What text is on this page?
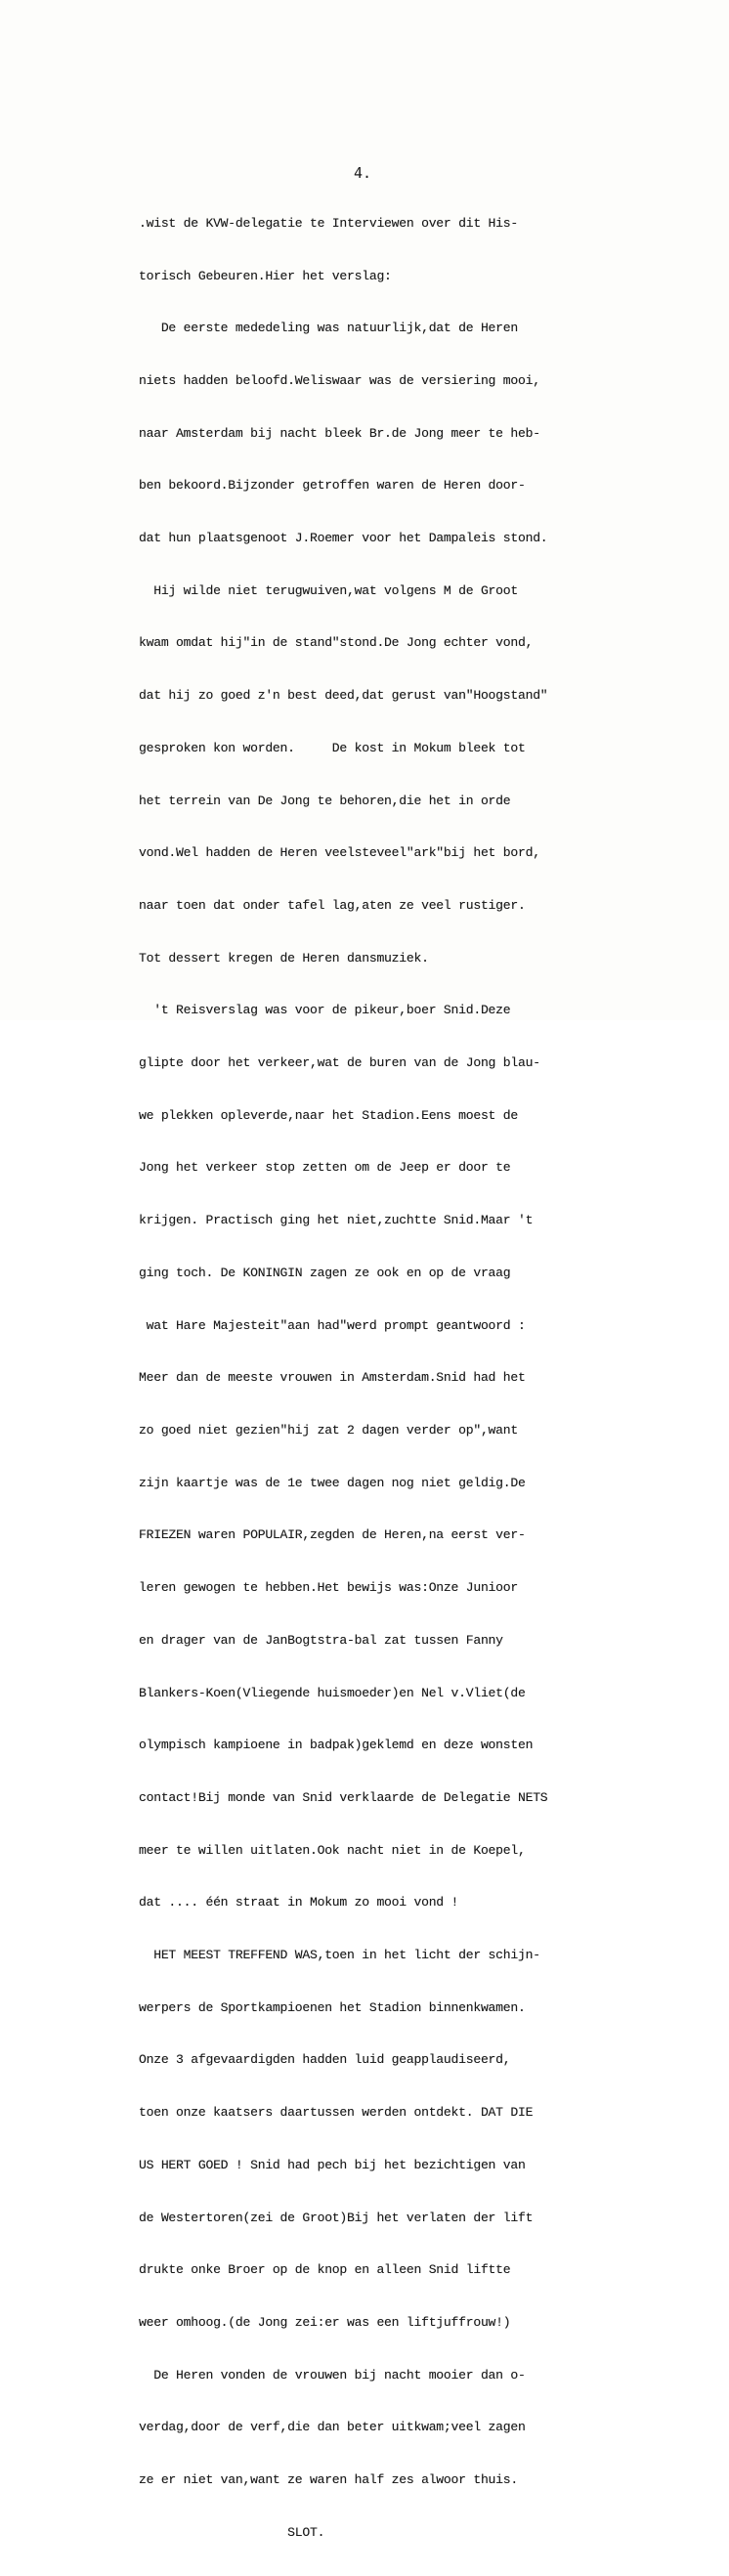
4.

.wist de KVW-delegatie te Interviewen over dit His-

torisch Gebeuren.Hier het verslag:

De eerste mededeling was natuurlijk,dat de Heren

niets hadden beloofd.Weliswaar was de versiering mooi,

naar Amsterdam bij nacht bleek Br.de Jong meer te heb-

ben bekoord.Bijzonder getroffen waren de Heren door-

dat hun plaatsgenoot J.Roemer voor het Dampaleis stond.

Hij wilde niet terugwuiven,wat volgens M de Groot

kwam omdat hij"in de stand"stond.De Jong echter vond,

dat hij zo goed z'n best deed,dat gerust van"Hoogstand"

gesproken kon worden.     De kost in Mokum bleek tot

het terrein van De Jong te behoren,die het in orde

vond.Wel hadden de Heren veelsteveel"ark"bij het bord,

naar toen dat onder tafel lag,aten ze veel rustiger.

Tot dessert kregen de Heren dansmuziek.

't Reisverslag was voor de pikeur,boer Snid.Deze

glipte door het verkeer,wat de buren van de Jong blau-

we plekken opleverde,naar het Stadion.Eens moest de

Jong het verkeer stop zetten om de Jeep er door te

krijgen. Practisch ging het niet,zuchtte Snid.Maar 't

ging toch. De KONINGIN zagen ze ook en op de vraag

wat Hare Majesteit"aan had"werd prompt geantwoord :

Meer dan de meeste vrouwen in Amsterdam.Snid had het

zo goed niet gezien"hij zat 2 dagen verder op",want

zijn kaartje was de 1e twee dagen nog niet geldig.De

FRIEZEN waren POPULAIR,zegden de Heren,na eerst ver-

leren gewogen te hebben.Het bewijs was:Onze Junioor

en drager van de JanBogtstra-bal zat tussen Fanny

Blankers-Koen(Vliegende huismoeder)en Nel v.Vliet(de

olympisch kampioene in badpak)geklemd en deze wonsten

contact!Bij monde van Snid verklaarde de Delegatie NETS

meer te willen uitlaten.Ook nacht niet in de Koepel,

dat .... één straat in Mokum zo mooi vond !

HET MEEST TREFFEND WAS,toen in het licht der schijn-

werpers de Sportkampioenen het Stadion binnenkwamen.

Onze 3 afgevaardigden hadden luid geapplaudiseerd,

toen onze kaatsers daartussen werden ontdekt. DAT DIE

US HERT GOED ! Snid had pech bij het bezichtigen van

de Westertoren(zei de Groot)Bij het verlaten der lift

drukte onke Broer op de knop en alleen Snid liftte

weer omhoog.(de Jong zei:er was een liftjuffrouw!)

De Heren vonden de vrouwen bij nacht mooier dan o-

verdag,door de verf,die dan beter uitkwam;veel zagen

ze er niet van,want ze waren half zes alwoor thuis.

SLOT.
